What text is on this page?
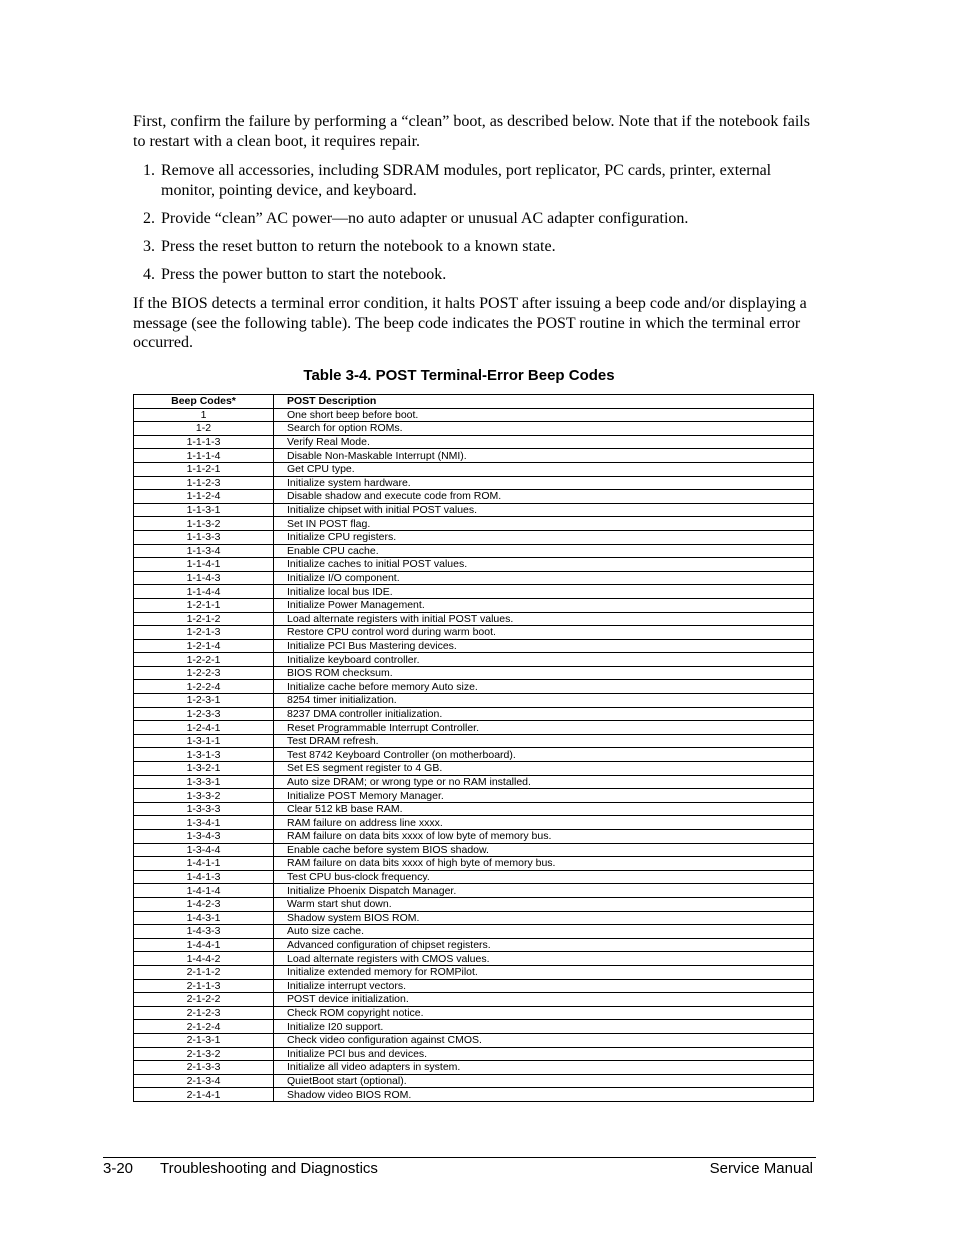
First, confirm the failure by performing a “clean” boot, as described below. Note that if the notebook fails to restart with a clean boot, it requires repair.

1. Remove all accessories, including SDRAM modules, port replicator, PC cards, printer, external monitor, pointing device, and keyboard.
2. Provide “clean” AC power—no auto adapter or unusual AC adapter configuration.
3. Press the reset button to return the notebook to a known state.
4. Press the power button to start the notebook.

If the BIOS detects a terminal error condition, it halts POST after issuing a beep code and/or displaying a message (see the following table). The beep code indicates the POST routine in which the terminal error occurred.

Table 3-4. POST Terminal-Error Beep Codes

Beep Codes*	POST Description
1	One short beep before boot.
1-2	Search for option ROMs.
1-1-1-3	Verify Real Mode.
1-1-1-4	Disable Non-Maskable Interrupt (NMI).
1-1-2-1	Get CPU type.
1-1-2-3	Initialize system hardware.
1-1-2-4	Disable shadow and execute code from ROM.
1-1-3-1	Initialize chipset with initial POST values.
1-1-3-2	Set IN POST flag.
1-1-3-3	Initialize CPU registers.
1-1-3-4	Enable CPU cache.
1-1-4-1	Initialize caches to initial POST values.
1-1-4-3	Initialize I/O component.
1-1-4-4	Initialize local bus IDE.
1-2-1-1	Initialize Power Management.
1-2-1-2	Load alternate registers with initial POST values.
1-2-1-3	Restore CPU control word during warm boot.
1-2-1-4	Initialize PCI Bus Mastering devices.
1-2-2-1	Initialize keyboard controller.
1-2-2-3	BIOS ROM checksum.
1-2-2-4	Initialize cache before memory Auto size.
1-2-3-1	8254 timer initialization.
1-2-3-3	8237 DMA controller initialization.
1-2-4-1	Reset Programmable Interrupt Controller.
1-3-1-1	Test DRAM refresh.
1-3-1-3	Test 8742 Keyboard Controller (on motherboard).
1-3-2-1	Set ES segment register to 4 GB.
1-3-3-1	Auto size DRAM; or wrong type or no RAM installed.
1-3-3-2	Initialize POST Memory Manager.
1-3-3-3	Clear 512 kB base RAM.
1-3-4-1	RAM failure on address line xxxx.
1-3-4-3	RAM failure on data bits xxxx of low byte of memory bus.
1-3-4-4	Enable cache before system BIOS shadow.
1-4-1-1	RAM failure on data bits xxxx of high byte of memory bus.
1-4-1-3	Test CPU bus-clock frequency.
1-4-1-4	Initialize Phoenix Dispatch Manager.
1-4-2-3	Warm start shut down.
1-4-3-1	Shadow system BIOS ROM.
1-4-3-3	Auto size cache.
1-4-4-1	Advanced configuration of chipset registers.
1-4-4-2	Load alternate registers with CMOS values.
2-1-1-2	Initialize extended memory for ROMPilot.
2-1-1-3	Initialize interrupt vectors.
2-1-2-2	POST device initialization.
2-1-2-3	Check ROM copyright notice.
2-1-2-4	Initialize I20 support.
2-1-3-1	Check video configuration against CMOS.
2-1-3-2	Initialize PCI bus and devices.
2-1-3-3	Initialize all video adapters in system.
2-1-3-4	QuietBoot start (optional).
2-1-4-1	Shadow video BIOS ROM.
3-20 Troubleshooting and Diagnostics	Service Manual
